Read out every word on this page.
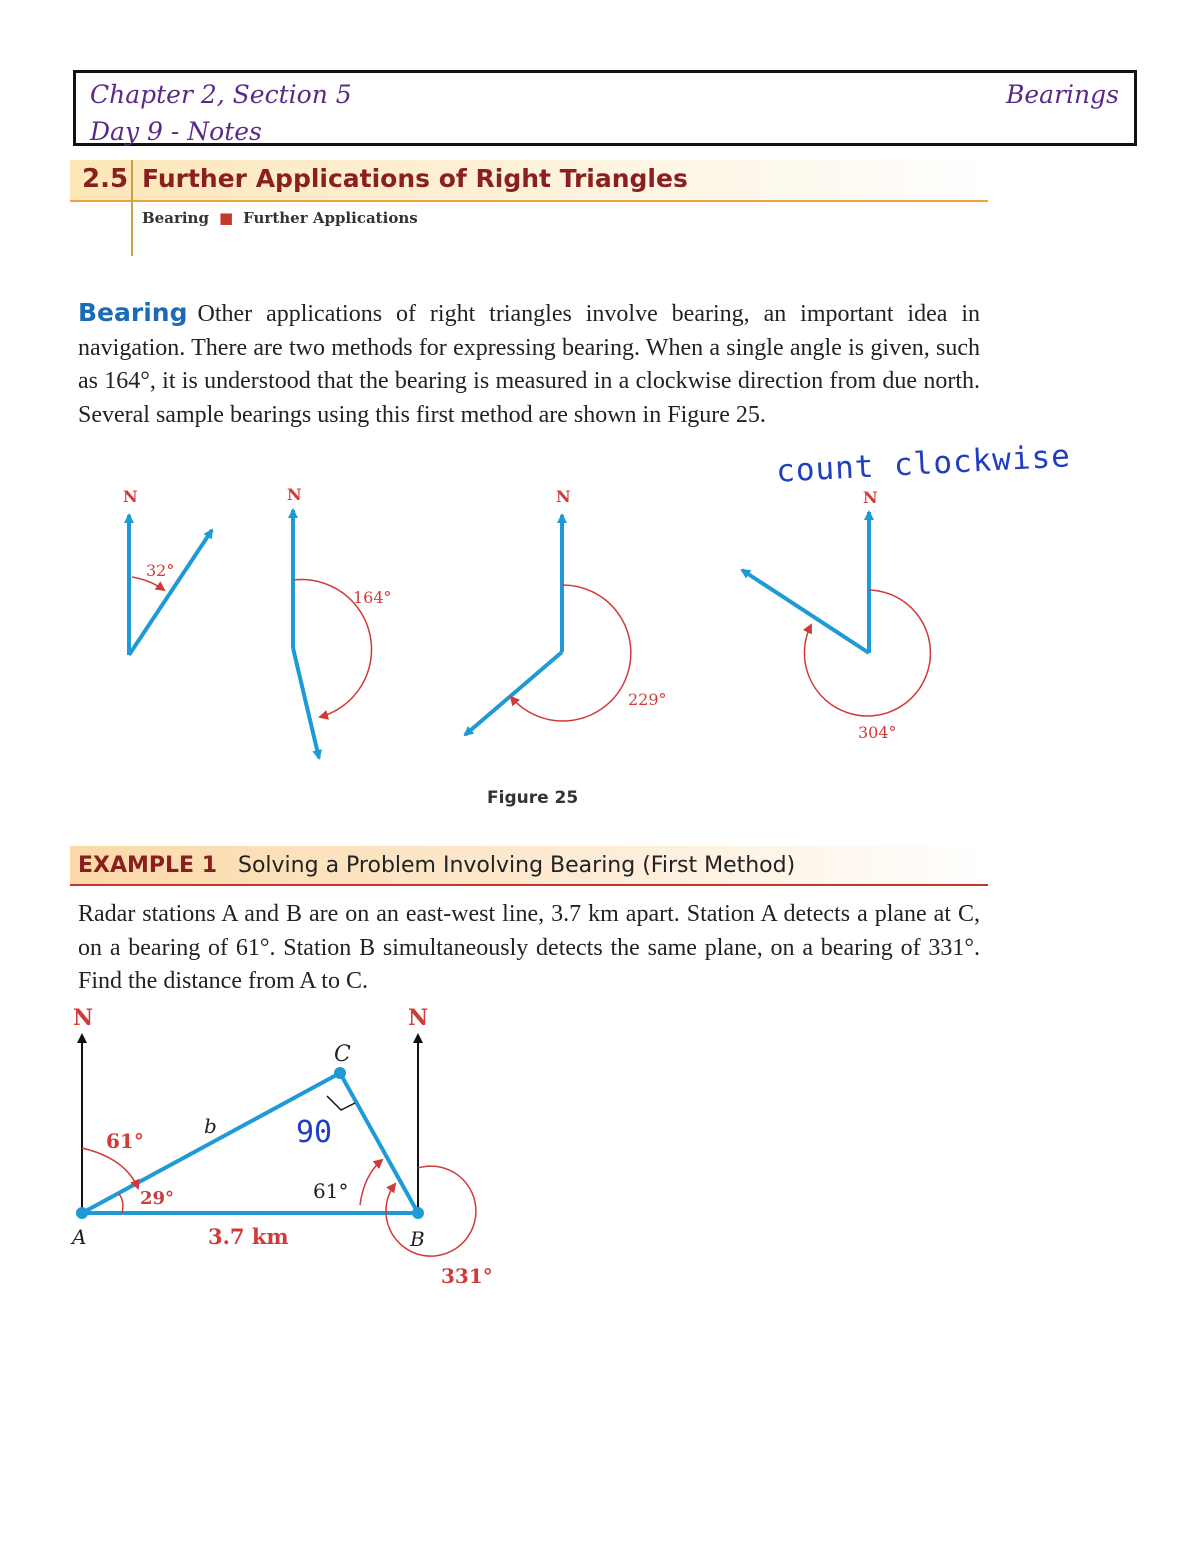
Chapter 2, Section 5
Day 9 - Notes
Bearings
2.5 Further Applications of Right Triangles
Bearing ■ Further Applications
Bearing Other applications of right triangles involve bearing, an important idea in navigation. There are two methods for expressing bearing. When a single angle is given, such as 164°, it is understood that the bearing is measured in a clockwise direction from due north. Several sample bearings using this first method are shown in Figure 25.
count clockwise
N
32°
N
164°
N
229°
N
304°
N	N
A	B
C
b
3.7 km
61°
29°	61°
331°
90
Figure 25
EXAMPLE 1 Solving a Problem Involving Bearing (First Method)
Radar stations A and B are on an east-west line, 3.7 km apart. Station A detects a plane at C, on a bearing of 61°. Station B simultaneously detects the same plane, on a bearing of 331°. Find the distance from A to C.
